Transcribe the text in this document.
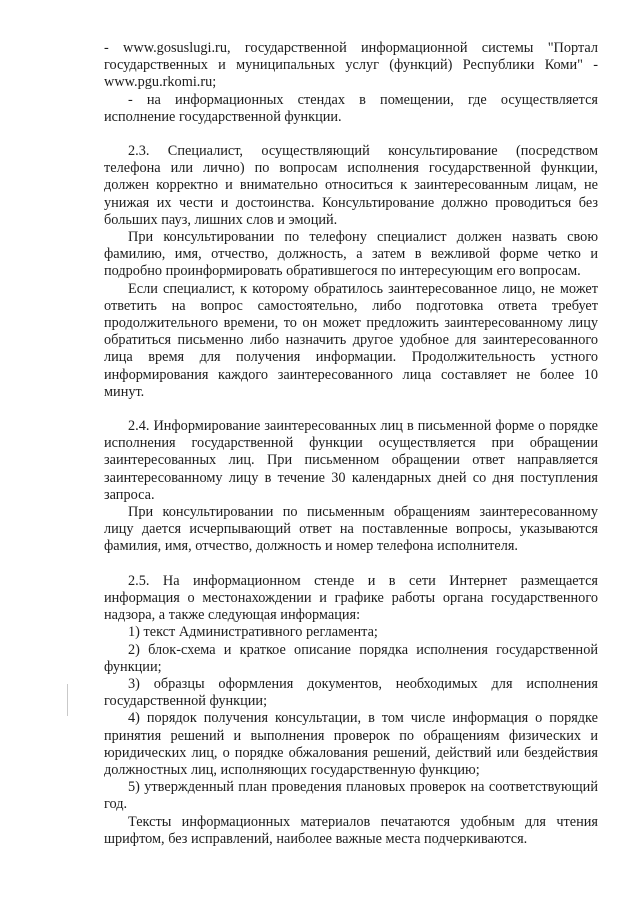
- www.gosuslugi.ru, государственной информационной системы "Портал государственных и муниципальных услуг (функций) Республики Коми" - www.pgu.rkomi.ru;

- на информационных стендах в помещении, где осуществляется исполнение государственной функции.

2.3. Специалист, осуществляющий консультирование (посредством телефона или лично) по вопросам исполнения государственной функции, должен корректно и внимательно относиться к заинтересованным лицам, не унижая их чести и достоинства. Консультирование должно проводиться без больших пауз, лишних слов и эмоций.

При консультировании по телефону специалист должен назвать свою фамилию, имя, отчество, должность, а затем в вежливой форме четко и подробно проинформировать обратившегося по интересующим его вопросам.

Если специалист, к которому обратилось заинтересованное лицо, не может ответить на вопрос самостоятельно, либо подготовка ответа требует продолжительного времени, то он может предложить заинтересованному лицу обратиться письменно либо назначить другое удобное для заинтересованного лица время для получения информации. Продолжительность устного информирования каждого заинтересованного лица составляет не более 10 минут.

2.4. Информирование заинтересованных лиц в письменной форме о порядке исполнения государственной функции осуществляется при обращении заинтересованных лиц. При письменном обращении ответ направляется заинтересованному лицу в течение 30 календарных дней со дня поступления запроса.

При консультировании по письменным обращениям заинтересованному лицу дается исчерпывающий ответ на поставленные вопросы, указываются фамилия, имя, отчество, должность и номер телефона исполнителя.

2.5. На информационном стенде и в сети Интернет размещается информация о местонахождении и графике работы органа государственного надзора, а также следующая информация:

1) текст Административного регламента;

2) блок-схема и краткое описание порядка исполнения государственной функции;

3) образцы оформления документов, необходимых для исполнения государственной функции;

4) порядок получения консультации, в том числе информация о порядке принятия решений и выполнения проверок по обращениям физических и юридических лиц, о порядке обжалования решений, действий или бездействия должностных лиц, исполняющих государственную функцию;

5) утвержденный план проведения плановых проверок на соответствующий год.

Тексты информационных материалов печатаются удобным для чтения шрифтом, без исправлений, наиболее важные места подчеркиваются.
